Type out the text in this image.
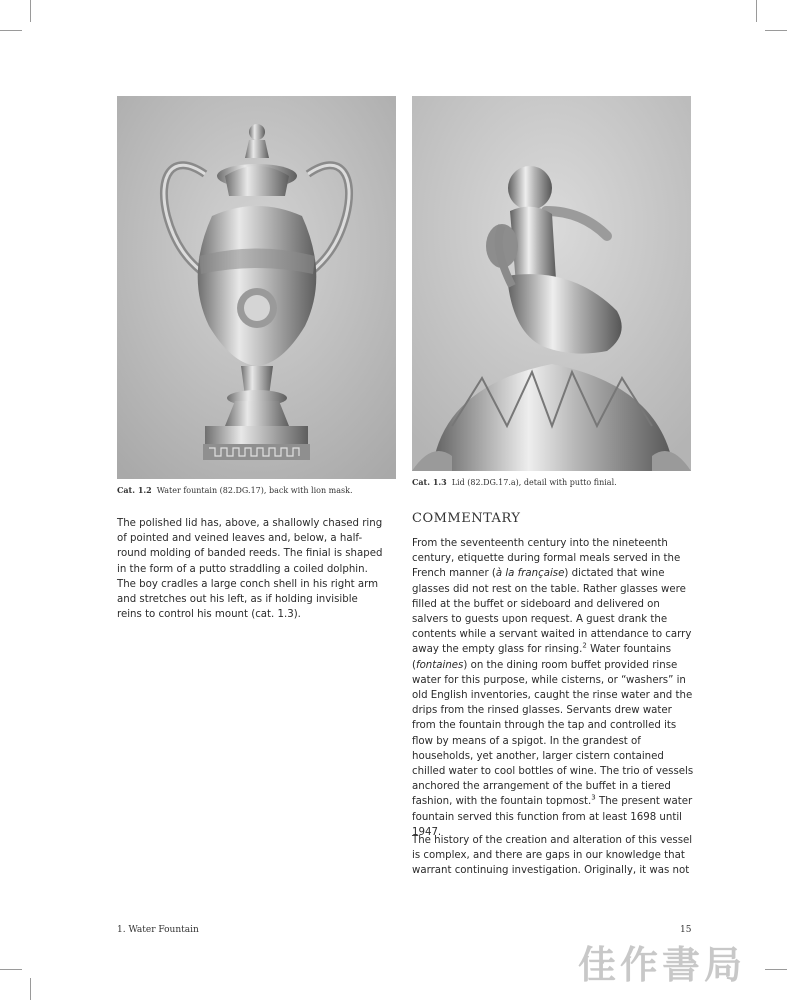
Cat. 1.2 Water fountain (82.DG.17), back with lion mask.
Cat. 1.3 Lid (82.DG.17.a), detail with putto finial.

The polished lid has, above, a shallowly chased ring of pointed and veined leaves and, below, a half-round molding of banded reeds. The finial is shaped in the form of a putto straddling a coiled dolphin. The boy cradles a large conch shell in his right arm and stretches out his left, as if holding invisible reins to control his mount (cat. 1.3).

COMMENTARY

From the seventeenth century into the nineteenth century, etiquette during formal meals served in the French manner (à la française) dictated that wine glasses did not rest on the table. Rather glasses were filled at the buffet or sideboard and delivered on salvers to guests upon request. A guest drank the contents while a servant waited in attendance to carry away the empty glass for rinsing.$^2$ Water fountains (fontaines) on the dining room buffet provided rinse water for this purpose, while cisterns, or “washers” in old English inventories, caught the rinse water and the drips from the rinsed glasses. Servants drew water from the fountain through the tap and controlled its flow by means of a spigot. In the grandest of households, yet another, larger cistern contained chilled water to cool bottles of wine. The trio of vessels anchored the arrangement of the buffet in a tiered fashion, with the fountain topmost.$^3$ The present water fountain served this function from at least 1698 until 1947.

The history of the creation and alteration of this vessel is complex, and there are gaps in our knowledge that warrant continuing investigation. Originally, it was not

1. Water Fountain	15
佳作書局
